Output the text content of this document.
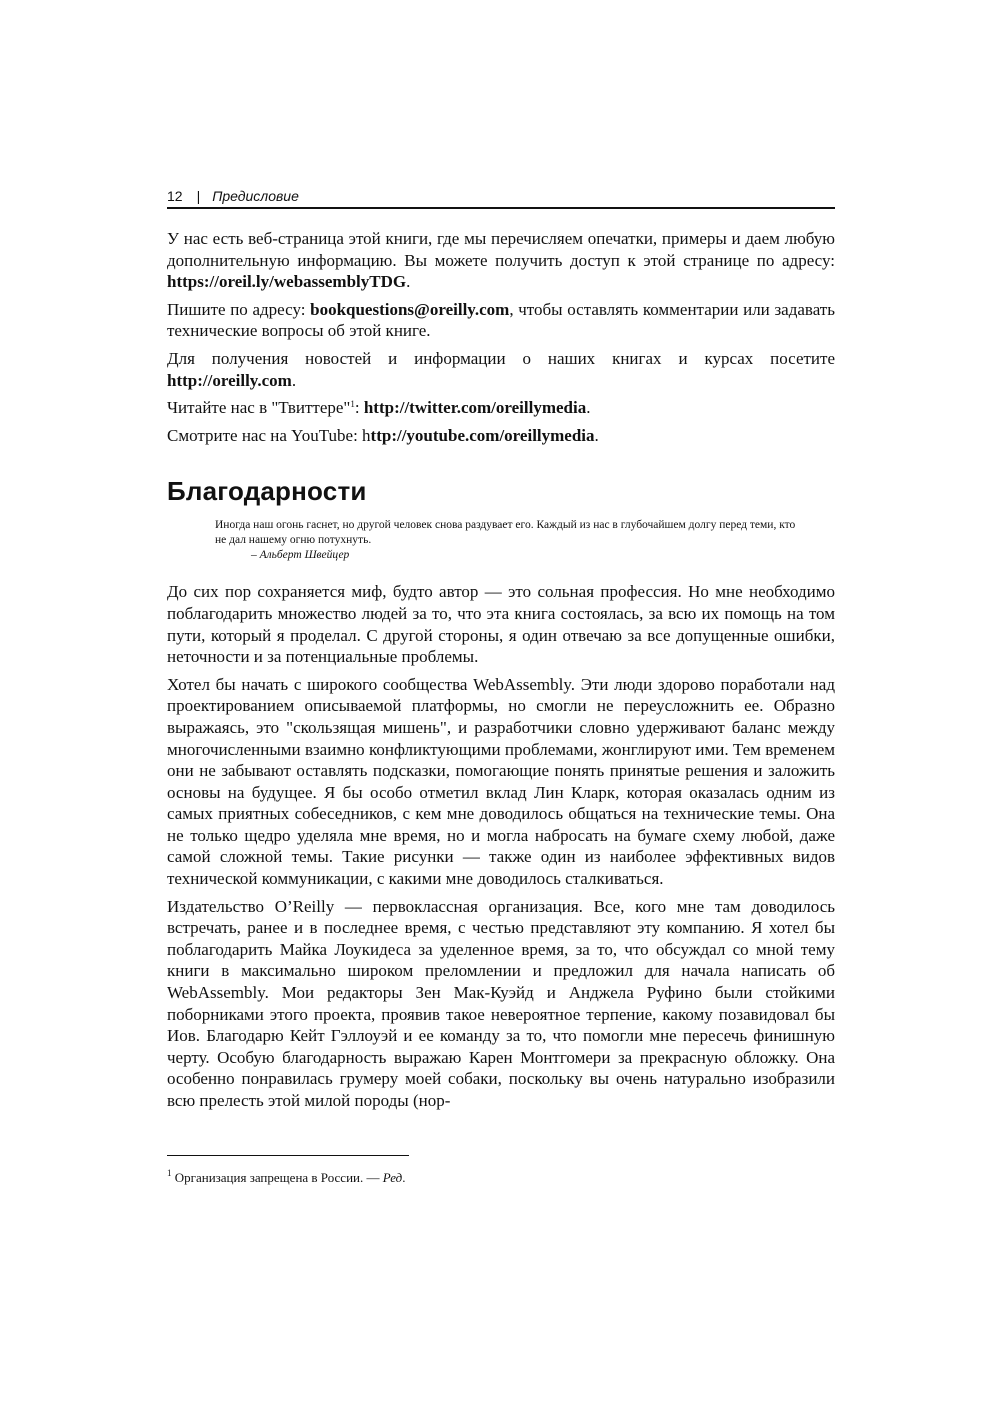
12 | Предисловие

У нас есть веб-страница этой книги, где мы перечисляем опечатки, примеры и даем любую дополнительную информацию. Вы можете получить доступ к этой странице по адресу: https://oreil.ly/webassemblyTDG.

Пишите по адресу: bookquestions@oreilly.com, чтобы оставлять комментарии или задавать технические вопросы об этой книге.

Для получения новостей и информации о наших книгах и курсах посетите http://oreilly.com.

Читайте нас в "Твиттере"$^1$: http://twitter.com/oreillymedia.

Смотрите нас на YouTube: http://youtube.com/oreillymedia.

Благодарности
Иногда наш огонь гаснет, но другой человек снова раздувает его. Каждый из нас в глубочайшем долгу перед теми, кто не дал нашему огню потухнуть.
– Альберт Швейцер

До сих пор сохраняется миф, будто автор — это сольная профессия. Но мне необходимо поблагодарить множество людей за то, что эта книга состоялась, за всю их помощь на том пути, который я проделал. С другой стороны, я один отвечаю за все допущенные ошибки, неточности и за потенциальные проблемы.

Хотел бы начать с широкого сообщества WebAssembly. Эти люди здорово поработали над проектированием описываемой платформы, но смогли не переусложнить ее. Образно выражаясь, это "скользящая мишень", и разработчики словно удерживают баланс между многочисленными взаимно конфликтующими проблемами, жонглируют ими. Тем временем они не забывают оставлять подсказки, помогающие понять принятые решения и заложить основы на будущее. Я бы особо отметил вклад Лин Кларк, которая оказалась одним из самых приятных собеседников, с кем мне доводилось общаться на технические темы. Она не только щедро уделяла мне время, но и могла набросать на бумаге схему любой, даже самой сложной темы. Такие рисунки — также один из наиболее эффективных видов технической коммуникации, с какими мне доводилось сталкиваться.

Издательство O’Reilly — первоклассная организация. Все, кого мне там доводилось встречать, ранее и в последнее время, с честью представляют эту компанию. Я хотел бы поблагодарить Майка Лоукидеса за уделенное время, за то, что обсуждал со мной тему книги в максимально широком преломлении и предложил для начала написать об WebAssembly. Мои редакторы Зен Мак-Куэйд и Анджела Руфино были стойкими поборниками этого проекта, проявив такое невероятное терпение, какому позавидовал бы Иов. Благодарю Кейт Гэллоуэй и ее команду за то, что помогли мне пересечь финишную черту. Особую благодарность выражаю Карен Монтгомери за прекрасную обложку. Она особенно понравилась грумеру моей собаки, поскольку вы очень натурально изобразили всю прелесть этой милой породы (нор-

$^1$ Организация запрещена в России. — Ред.
